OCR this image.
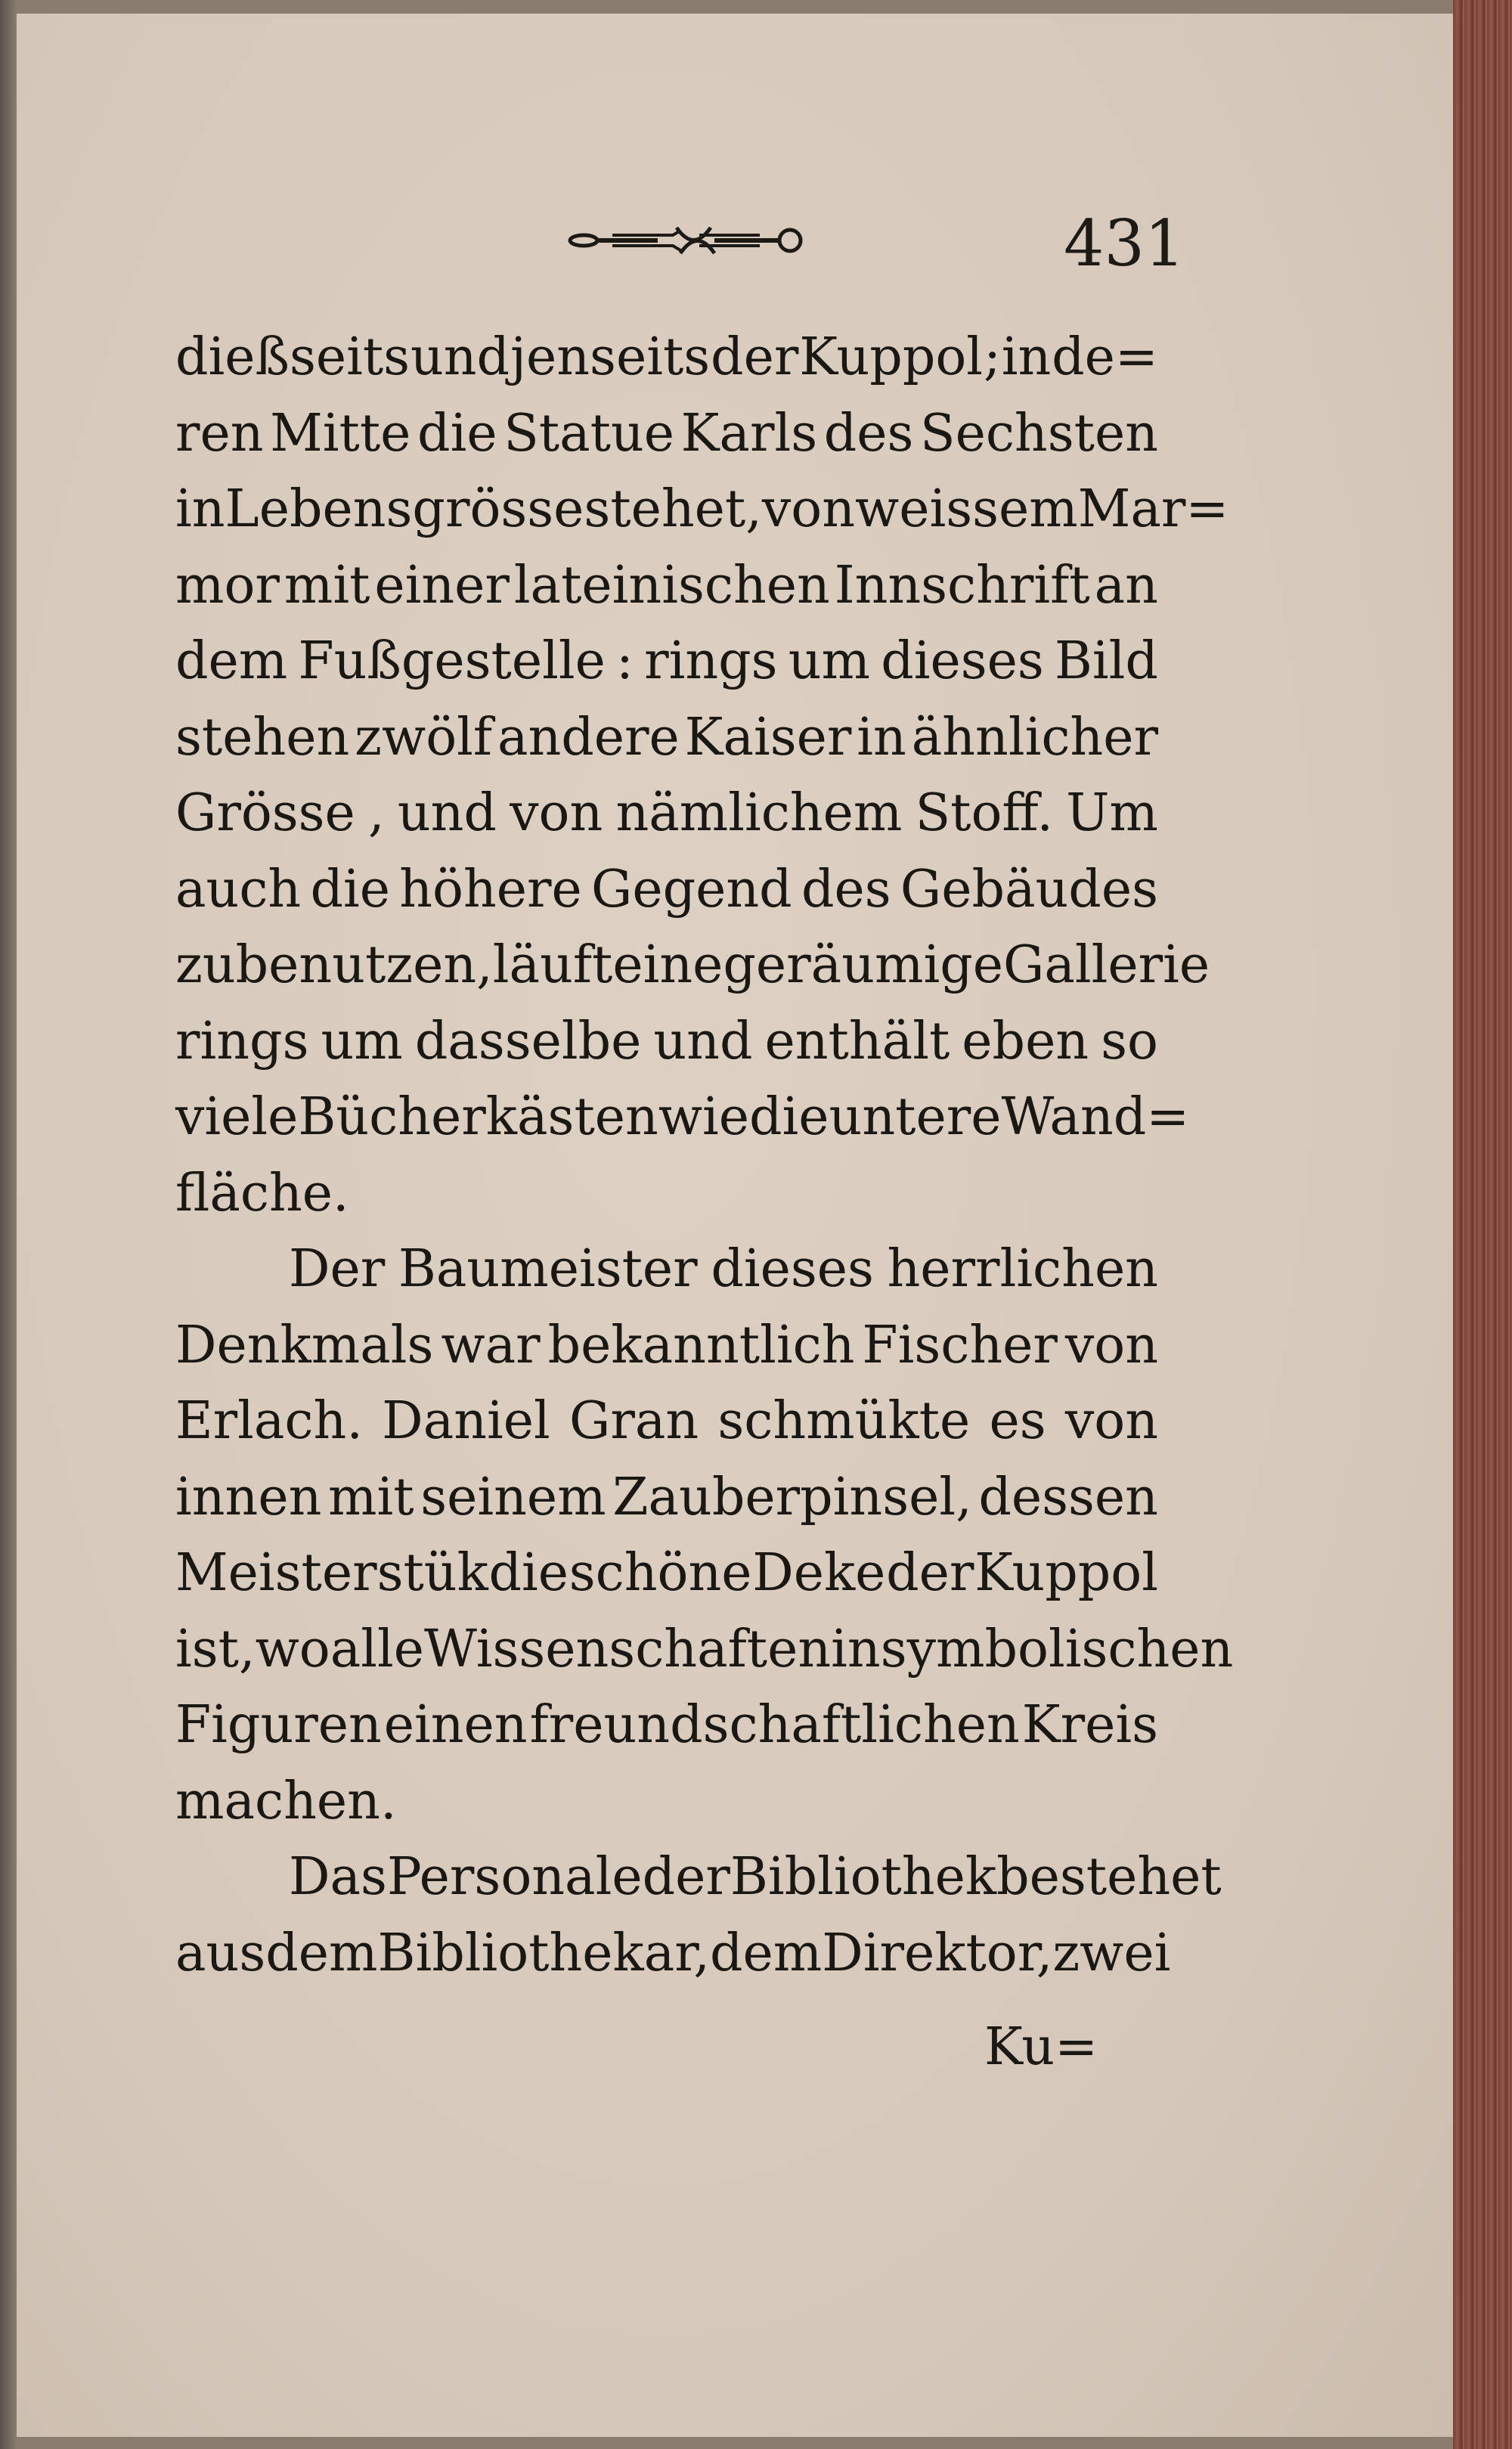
431
dießseits und jenseits der Kuppol ; in de=
ren Mitte die Statue Karls des Sechsten
in Lebensgrösse stehet , von weissem Mar=
mor mit einer lateinischen Innschrift an
dem Fußgestelle : rings um dieses Bild
stehen zwölf andere Kaiser in ähnlicher
Grösse , und von nämlichem Stoff. Um
auch die höhere Gegend des Gebäudes
zu benutzen, läuft eine geräumige Gallerie
rings um dasselbe und enthält eben so
viele Bücherkästen wie die untere Wand=
fläche.
Der Baumeister dieses herrlichen
Denkmals war bekanntlich Fischer von
Erlach. Daniel Gran schmükte es von
innen mit seinem Zauberpinsel, dessen
Meisterstük die schöne Deke der Kuppol
ist, wo alle Wissenschaften in symbolischen
Figuren einen freundschaftlichen Kreis
machen.
Das Personale der Bibliothek bestehet
aus dem Bibliothekar, dem Direktor, zwei
Ku=
